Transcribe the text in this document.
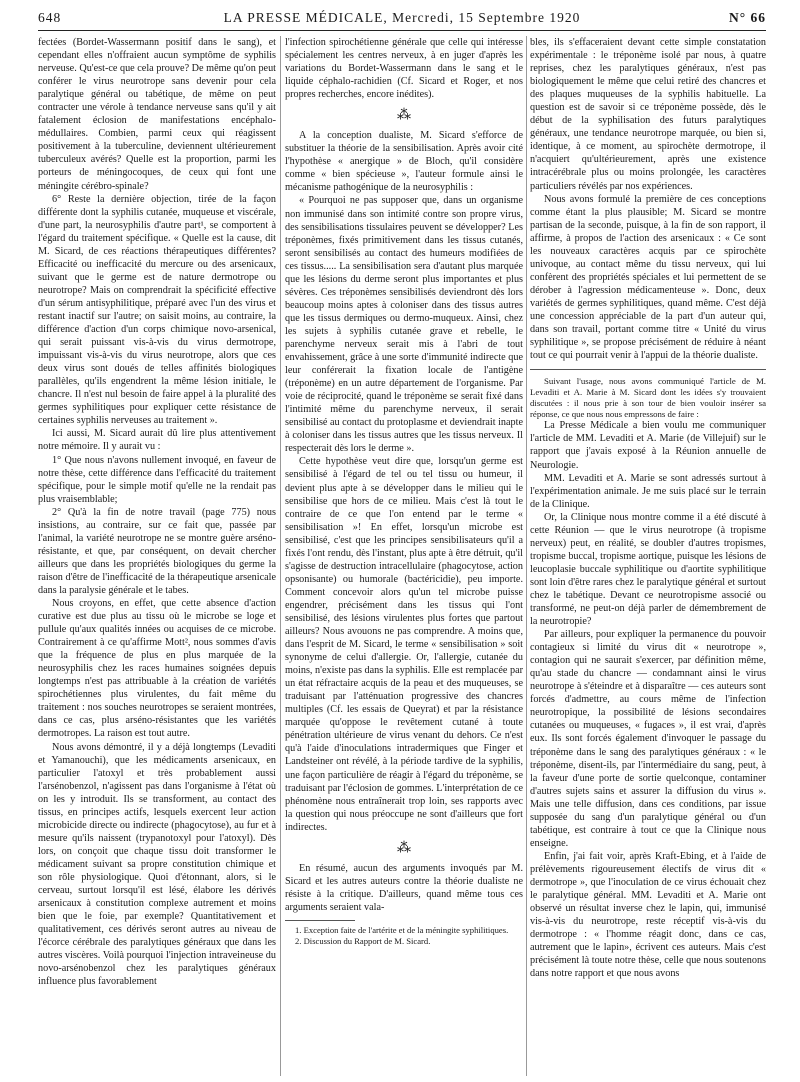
648	LA PRESSE MÉDICALE, Mercredi, 15 Septembre 1920	N° 66

fectées (Bordet-Wassermann positif dans le sang), et cependant elles n'offraient aucun symptôme de syphilis nerveuse. Qu'est-ce que cela prouve? De même qu'on peut conférer le virus neurotrope sans devenir pour cela paralytique général ou tabétique, de même on peut contracter une vérole à tendance nerveuse sans qu'il y ait fatalement éclosion de manifestations encéphalo-médullaires. Combien, parmi ceux qui réagissent positivement à la tuberculine, deviennent ultérieurement tuberculeux avérés? Quelle est la proportion, parmi les porteurs de méningocoques, de ceux qui font une méningite cérébro-spinale?

6° Reste la dernière objection, tirée de la façon différente dont la syphilis cutanée, muqueuse et viscérale, d'une part, la neurosyphilis d'autre part¹, se comportent à l'égard du traitement spécifique. « Quelle est la cause, dit M. Sicard, de ces réactions thérapeutiques différentes? Efficacité ou inefficacité du mercure ou des arsenicaux, suivant que le germe est de nature dermotrope ou neurotrope? Mais on comprendrait la spécificité effective d'un sérum antisyphilitique, préparé avec l'un des virus et restant inactif sur l'autre; on saisit moins, au contraire, la différence d'action d'un corps chimique novo-arsenical, qui serait puissant vis-à-vis du virus dermotrope, impuissant vis-à-vis du virus neurotrope, alors que ces deux virus sont doués de telles affinités biologiques parallèles, qu'ils engendrent la même lésion initiale, le chancre. Il n'est nul besoin de faire appel à la pluralité des germes syphilitiques pour expliquer cette résistance de certaines syphilis nerveuses au traitement ».

Ici aussi, M. Sicard aurait dû lire plus attentivement notre mémoire. Il y aurait vu :

1° Que nous n'avons nullement invoqué, en faveur de notre thèse, cette différence dans l'efficacité du traitement spécifique, pour le simple motif qu'elle ne la rendait pas plus vraisemblable;

2° Qu'à la fin de notre travail (page 775) nous insistions, au contraire, sur ce fait que, passée par l'animal, la variété neurotrope ne se montre guère arséno-résistante, et que, par conséquent, on devait chercher ailleurs que dans les propriétés biologiques du germe la raison d'être de l'inefficacité de la thérapeutique arsenicale dans la paralysie générale et le tabes.

Nous croyons, en effet, que cette absence d'action curative est due plus au tissu où le microbe se loge et pullule qu'aux qualités innées ou acquises de ce microbe. Contrairement à ce qu'affirme Mott², nous sommes d'avis que la fréquence de plus en plus marquée de la neurosyphilis chez les races humaines soignées depuis longtemps n'est pas attribuable à la création de variétés spirochétiennes plus virulentes, du fait même du traitement : nos souches neurotropes se seraient montrées, dans ce cas, plus arséno-résistantes que les variétés dermotropes. La raison est tout autre.

Nous avons démontré, il y a déjà longtemps (Levaditi et Yamanouchi), que les médicaments arsenicaux, en particulier l'atoxyl et très probablement aussi l'arsénobenzol, n'agissent pas dans l'organisme à l'état où on les y introduit. Ils se transforment, au contact des tissus, en principes actifs, lesquels exercent leur action microbicide directe ou indirecte (phagocytose), au fur et à mesure qu'ils naissent (trypanotoxyl pour l'atoxyl). Dès lors, on conçoit que chaque tissu doit transformer le médicament suivant sa propre constitution chimique et son rôle physiologique. Quoi d'étonnant, alors, si le cerveau, surtout lorsqu'il est lésé, élabore les dérivés arsenicaux à constitution complexe autrement et moins bien que le foie, par exemple? Quantitativement et qualitativement, ces dérivés seront autres au niveau de l'écorce cérébrale des paralytiques généraux que dans les autres viscères. Voilà pourquoi l'injection intraveineuse du novo-arsénobenzol chez les paralytiques généraux influence plus favorablement

l'infection spirochétienne générale que celle qui intéresse spécialement les centres nerveux, à en juger d'après les variations du Bordet-Wassermann dans le sang et le liquide céphalo-rachidien (Cf. Sicard et Roger, et nos propres recherches, encore inédites).

⁂

A la conception dualiste, M. Sicard s'efforce de substituer la théorie de la sensibilisation. Après avoir cité l'hypothèse « anergique » de Bloch, qu'il considère comme « bien spécieuse », l'auteur formule ainsi le mécanisme pathogénique de la neurosyphilis :

« Pourquoi ne pas supposer que, dans un organisme non immunisé dans son intimité contre son propre virus, des sensibilisations tissulaires peuvent se développer? Les tréponèmes, fixés primitivement dans les tissus cutanés, seront sensibilisés au contact des humeurs modifiées de ces tissus..... La sensibilisation sera d'autant plus marquée que les lésions du derme seront plus importantes et plus sévères. Ces tréponèmes sensibilisés deviendront dès lors beaucoup moins aptes à coloniser dans des tissus autres que les tissus dermiques ou dermo-muqueux. Ainsi, chez les sujets à syphilis cutanée grave et rebelle, le parenchyme nerveux serait mis à l'abri de tout envahissement, grâce à une sorte d'immunité indirecte que leur conférerait la fixation locale de l'antigène (tréponème) en un autre département de l'organisme. Par voie de réciprocité, quand le tréponème se serait fixé dans l'intimité même du parenchyme nerveux, il serait sensibilisé au contact du protoplasme et deviendrait inapte à coloniser dans les tissus autres que les tissus nerveux. Il respecterait dès lors le derme ».

Cette hypothèse veut dire que, lorsqu'un germe est sensibilisé à l'égard de tel ou tel tissu ou humeur, il devient plus apte à se développer dans le milieu qui le sensibilise que hors de ce milieu. Mais c'est là tout le contraire de ce que l'on entend par le terme « sensibilisation »! En effet, lorsqu'un microbe est sensibilisé, c'est que les principes sensibilisateurs qu'il a fixés l'ont rendu, dès l'instant, plus apte à être détruit, qu'il s'agisse de destruction intracellulaire (phagocytose, action opsonisante) ou humorale (bactéricidie), peu importe. Comment concevoir alors qu'un tel microbe puisse engendrer, précisément dans les tissus qui l'ont sensibilisé, des lésions virulentes plus fortes que partout ailleurs? Nous avouons ne pas comprendre. A moins que, dans l'esprit de M. Sicard, le terme « sensibilisation » soit synonyme de celui d'allergie. Or, l'allergie, cutanée du moins, n'existe pas dans la syphilis. Elle est remplacée par un état réfractaire acquis de la peau et des muqueuses, se traduisant par l'atténuation progressive des chancres multiples (Cf. les essais de Queyrat) et par la résistance marquée qu'oppose le revêtement cutané à toute pénétration ultérieure de virus venant du dehors. Ce n'est qu'à l'aide d'inoculations intradermiques que Finger et Landsteiner ont révélé, à la période tardive de la syphilis, une façon particulière de réagir à l'égard du tréponème, se traduisant par l'éclosion de gommes. L'interprétation de ce phénomène nous entraînerait trop loin, ses rapports avec la question qui nous préoccupe ne sont d'ailleurs que fort indirectes.

⁂

En résumé, aucun des arguments invoqués par M. Sicard et les autres auteurs contre la théorie dualiste ne résiste à la critique. D'ailleurs, quand même tous ces arguments seraient vala-

1. Exception faite de l'artérite et de la méningite syphilitiques.

2. Discussion du Rapport de M. Sicard.

bles, ils s'effaceraient devant cette simple constatation expérimentale : le tréponème isolé par nous, à quatre reprises, chez les paralytiques généraux, n'est pas biologiquement le même que celui retiré des chancres et des plaques muqueuses de la syphilis habituelle. La question est de savoir si ce tréponème possède, dès le début de la syphilisation des futurs paralytiques généraux, une tendance neurotrope marquée, ou bien si, identique, à ce moment, au spirochète dermotrope, il n'acquiert qu'ultérieurement, après une existence intracérébrale plus ou moins prolongée, les caractères particuliers révélés par nos expériences.

Nous avons formulé la première de ces conceptions comme étant la plus plausible; M. Sicard se montre partisan de la seconde, puisque, à la fin de son rapport, il affirme, à propos de l'action des arsenicaux : « Ce sont les nouveaux caractères acquis par ce spirochète univoque, au contact même du tissu nerveux, qui lui confèrent des propriétés spéciales et lui permettent de se dérober à l'agression médicamenteuse ». Donc, deux variétés de germes syphilitiques, quand même. C'est déjà une concession appréciable de la part d'un auteur qui, dans son travail, portant comme titre « Unité du virus syphilitique », se propose précisément de réduire à néant tout ce qui pourrait venir à l'appui de la théorie dualiste.

Suivant l'usage, nous avons communiqué l'article de M. Levaditi et A. Marie à M. Sicard dont les idées s'y trouvaient discutées : il nous prie à son tour de bien vouloir insérer sa réponse, ce que nous nous empressons de faire :

La Presse Médicale a bien voulu me communiquer l'article de MM. Levaditi et A. Marie (de Villejuif) sur le rapport que j'avais exposé à la Réunion annuelle de Neurologie.

MM. Levaditi et A. Marie se sont adressés surtout à l'expérimentation animale. Je me suis placé sur le terrain de la Clinique.

Or, la Clinique nous montre comme il a été discuté à cette Réunion — que le virus neurotrope (à tropisme nerveux) peut, en réalité, se doubler d'autres tropismes, tropisme buccal, tropisme aortique, puisque les lésions de leucoplasie buccale syphilitique ou d'aortite syphilitique sont loin d'être rares chez le paralytique général et surtout chez le tabétique. Devant ce neurotropisme associé ou transformé, ne peut-on déjà parler de démembrement de la neurotropie?

Par ailleurs, pour expliquer la permanence du pouvoir contagieux si limité du virus dit « neurotrope », contagion qui ne saurait s'exercer, par définition même, qu'au stade du chancre — condamnant ainsi le virus neurotrope à s'éteindre et à disparaître — ces auteurs sont forcés d'admettre, au cours même de l'infection neurotropique, la possibilité de lésions secondaires cutanées ou muqueuses, « fugaces », il est vrai, d'après eux. Ils sont forcés également d'invoquer le passage du tréponème dans le sang des paralytiques généraux : « le tréponème, disent-ils, par l'intermédiaire du sang, peut, à la faveur d'une porte de sortie quelconque, contaminer d'autres sujets sains et assurer la diffusion du virus ». Mais une telle diffusion, dans ces conditions, par issue supposée du sang d'un paralytique général ou d'un tabétique, est contraire à tout ce que la Clinique nous enseigne.

Enfin, j'ai fait voir, après Kraft-Ebing, et à l'aide de prélèvements rigoureusement électifs de virus dit « dermotrope », que l'inoculation de ce virus échouait chez le paralytique général. MM. Levaditi et A. Marie ont observé un résultat inverse chez le lapin, qui, immunisé vis-à-vis du neurotrope, reste réceptif vis-à-vis du dermotrope : « l'homme réagit donc, dans ce cas, autrement que le lapin», écrivent ces auteurs. Mais c'est précisément là toute notre thèse, celle que nous soutenons dans notre rapport et que nous avons
